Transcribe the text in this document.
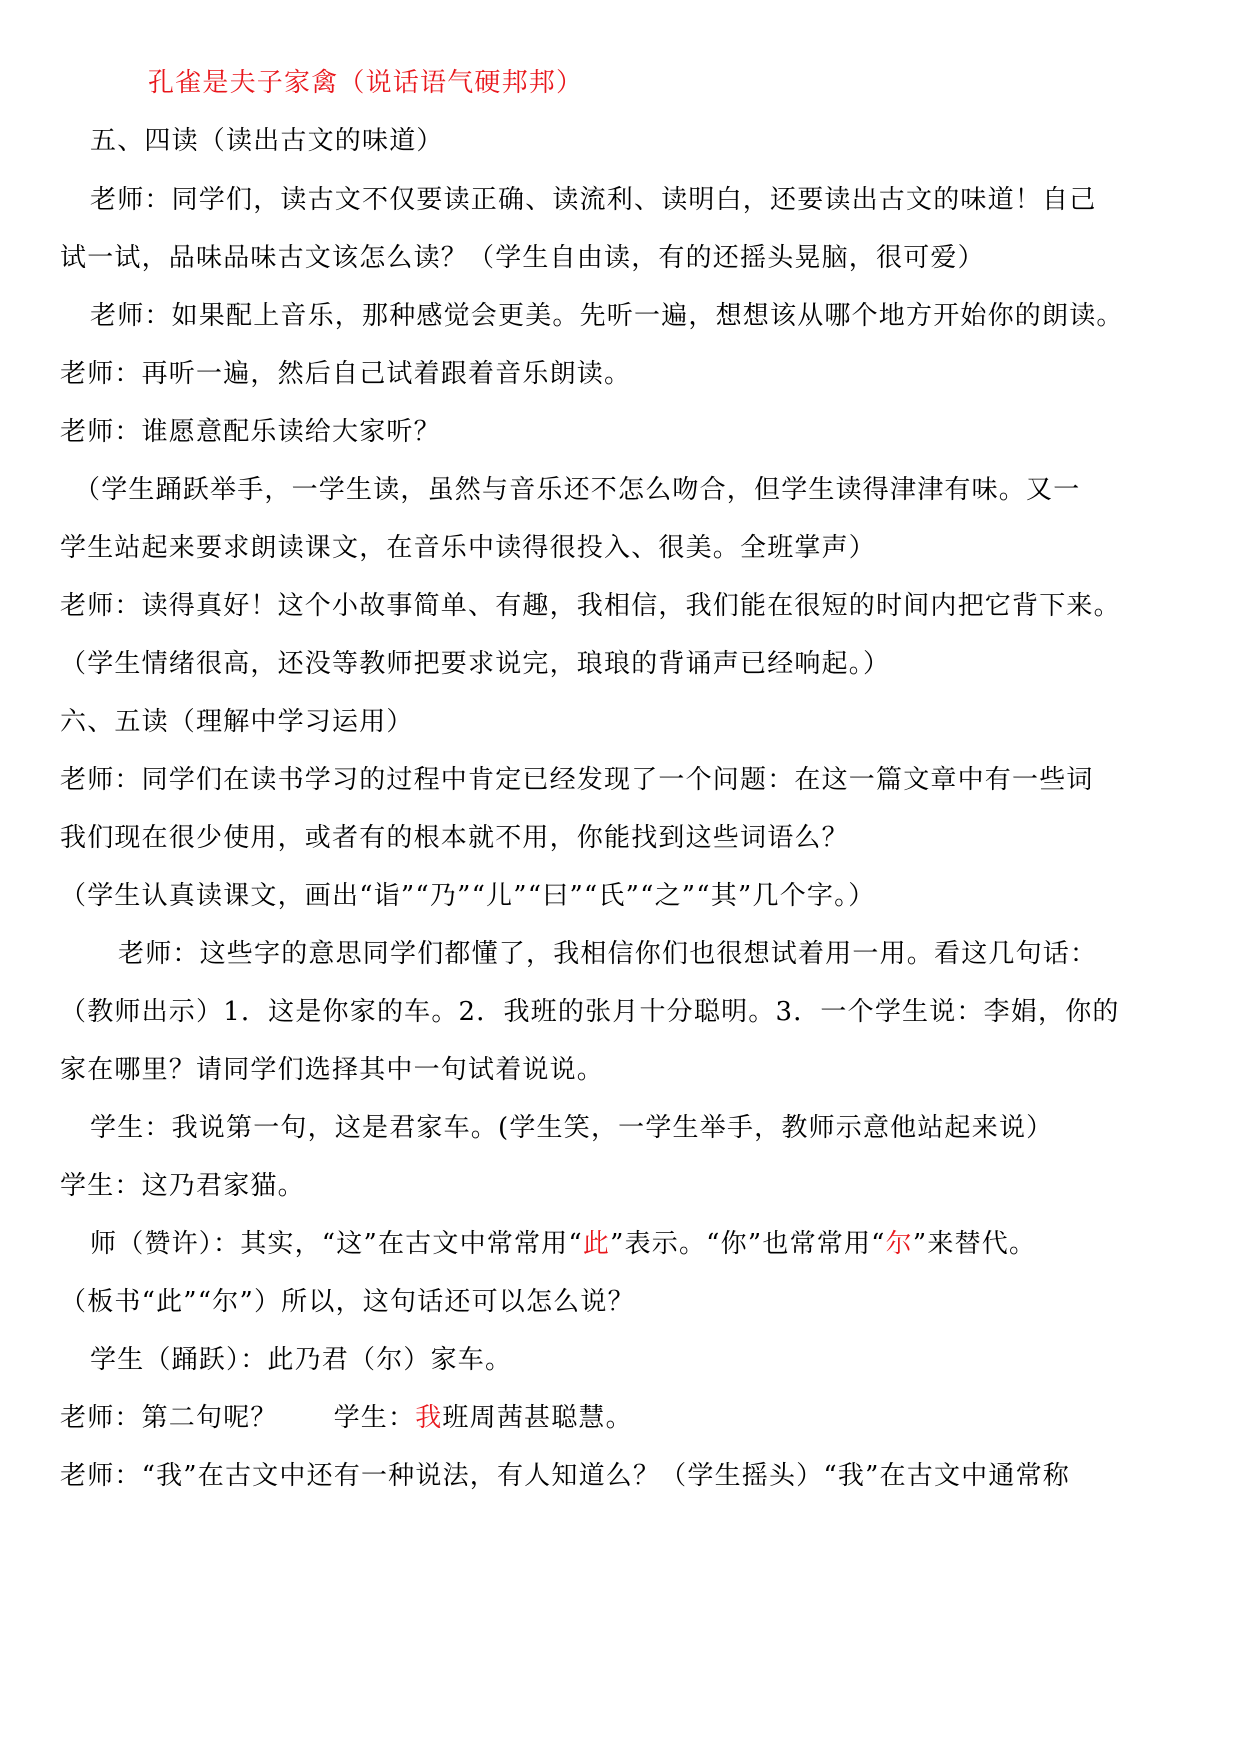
孔雀是夫子家禽（说话语气硬邦邦）
五、四读（读出古文的味道）
老师：同学们，读古文不仅要读正确、读流利、读明白，还要读出古文的味道！自己
试一试，品味品味古文该怎么读？（学生自由读，有的还摇头晃脑，很可爱）
老师：如果配上音乐，那种感觉会更美。先听一遍，想想该从哪个地方开始你的朗读。
老师：再听一遍，然后自己试着跟着音乐朗读。
老师：谁愿意配乐读给大家听？
（学生踊跃举手，一学生读，虽然与音乐还不怎么吻合，但学生读得津津有味。又一
学生站起来要求朗读课文，在音乐中读得很投入、很美。全班掌声）
老师：读得真好！这个小故事简单、有趣，我相信，我们能在很短的时间内把它背下来。
（学生情绪很高，还没等教师把要求说完，琅琅的背诵声已经响起。）
六、五读（理解中学习运用）
老师：同学们在读书学习的过程中肯定已经发现了一个问题：在这一篇文章中有一些词
我们现在很少使用，或者有的根本就不用，你能找到这些词语么？
（学生认真读课文，画出“诣”“乃”“儿”“曰”“氏”“之”“其”几个字。）
老师：这些字的意思同学们都懂了，我相信你们也很想试着用一用。看这几句话：
（教师出示）1．这是你家的车。2．我班的张月十分聪明。3．一个学生说：李娟，你的
家在哪里？请同学们选择其中一句试着说说。
学生：我说第一句，这是君家车。(学生笑，一学生举手，教师示意他站起来说）
学生：这乃君家猫。
师（赞许）：其实，“这”在古文中常常用“此”表示。“你”也常常用“尔”来替代。
（板书“此”“尔”）所以，这句话还可以怎么说？
学生（踊跃）：此乃君（尔）家车。
老师：第二句呢？ 学生：我班周茜甚聪慧。
老师：“我”在古文中还有一种说法，有人知道么？（学生摇头）“我”在古文中通常称
